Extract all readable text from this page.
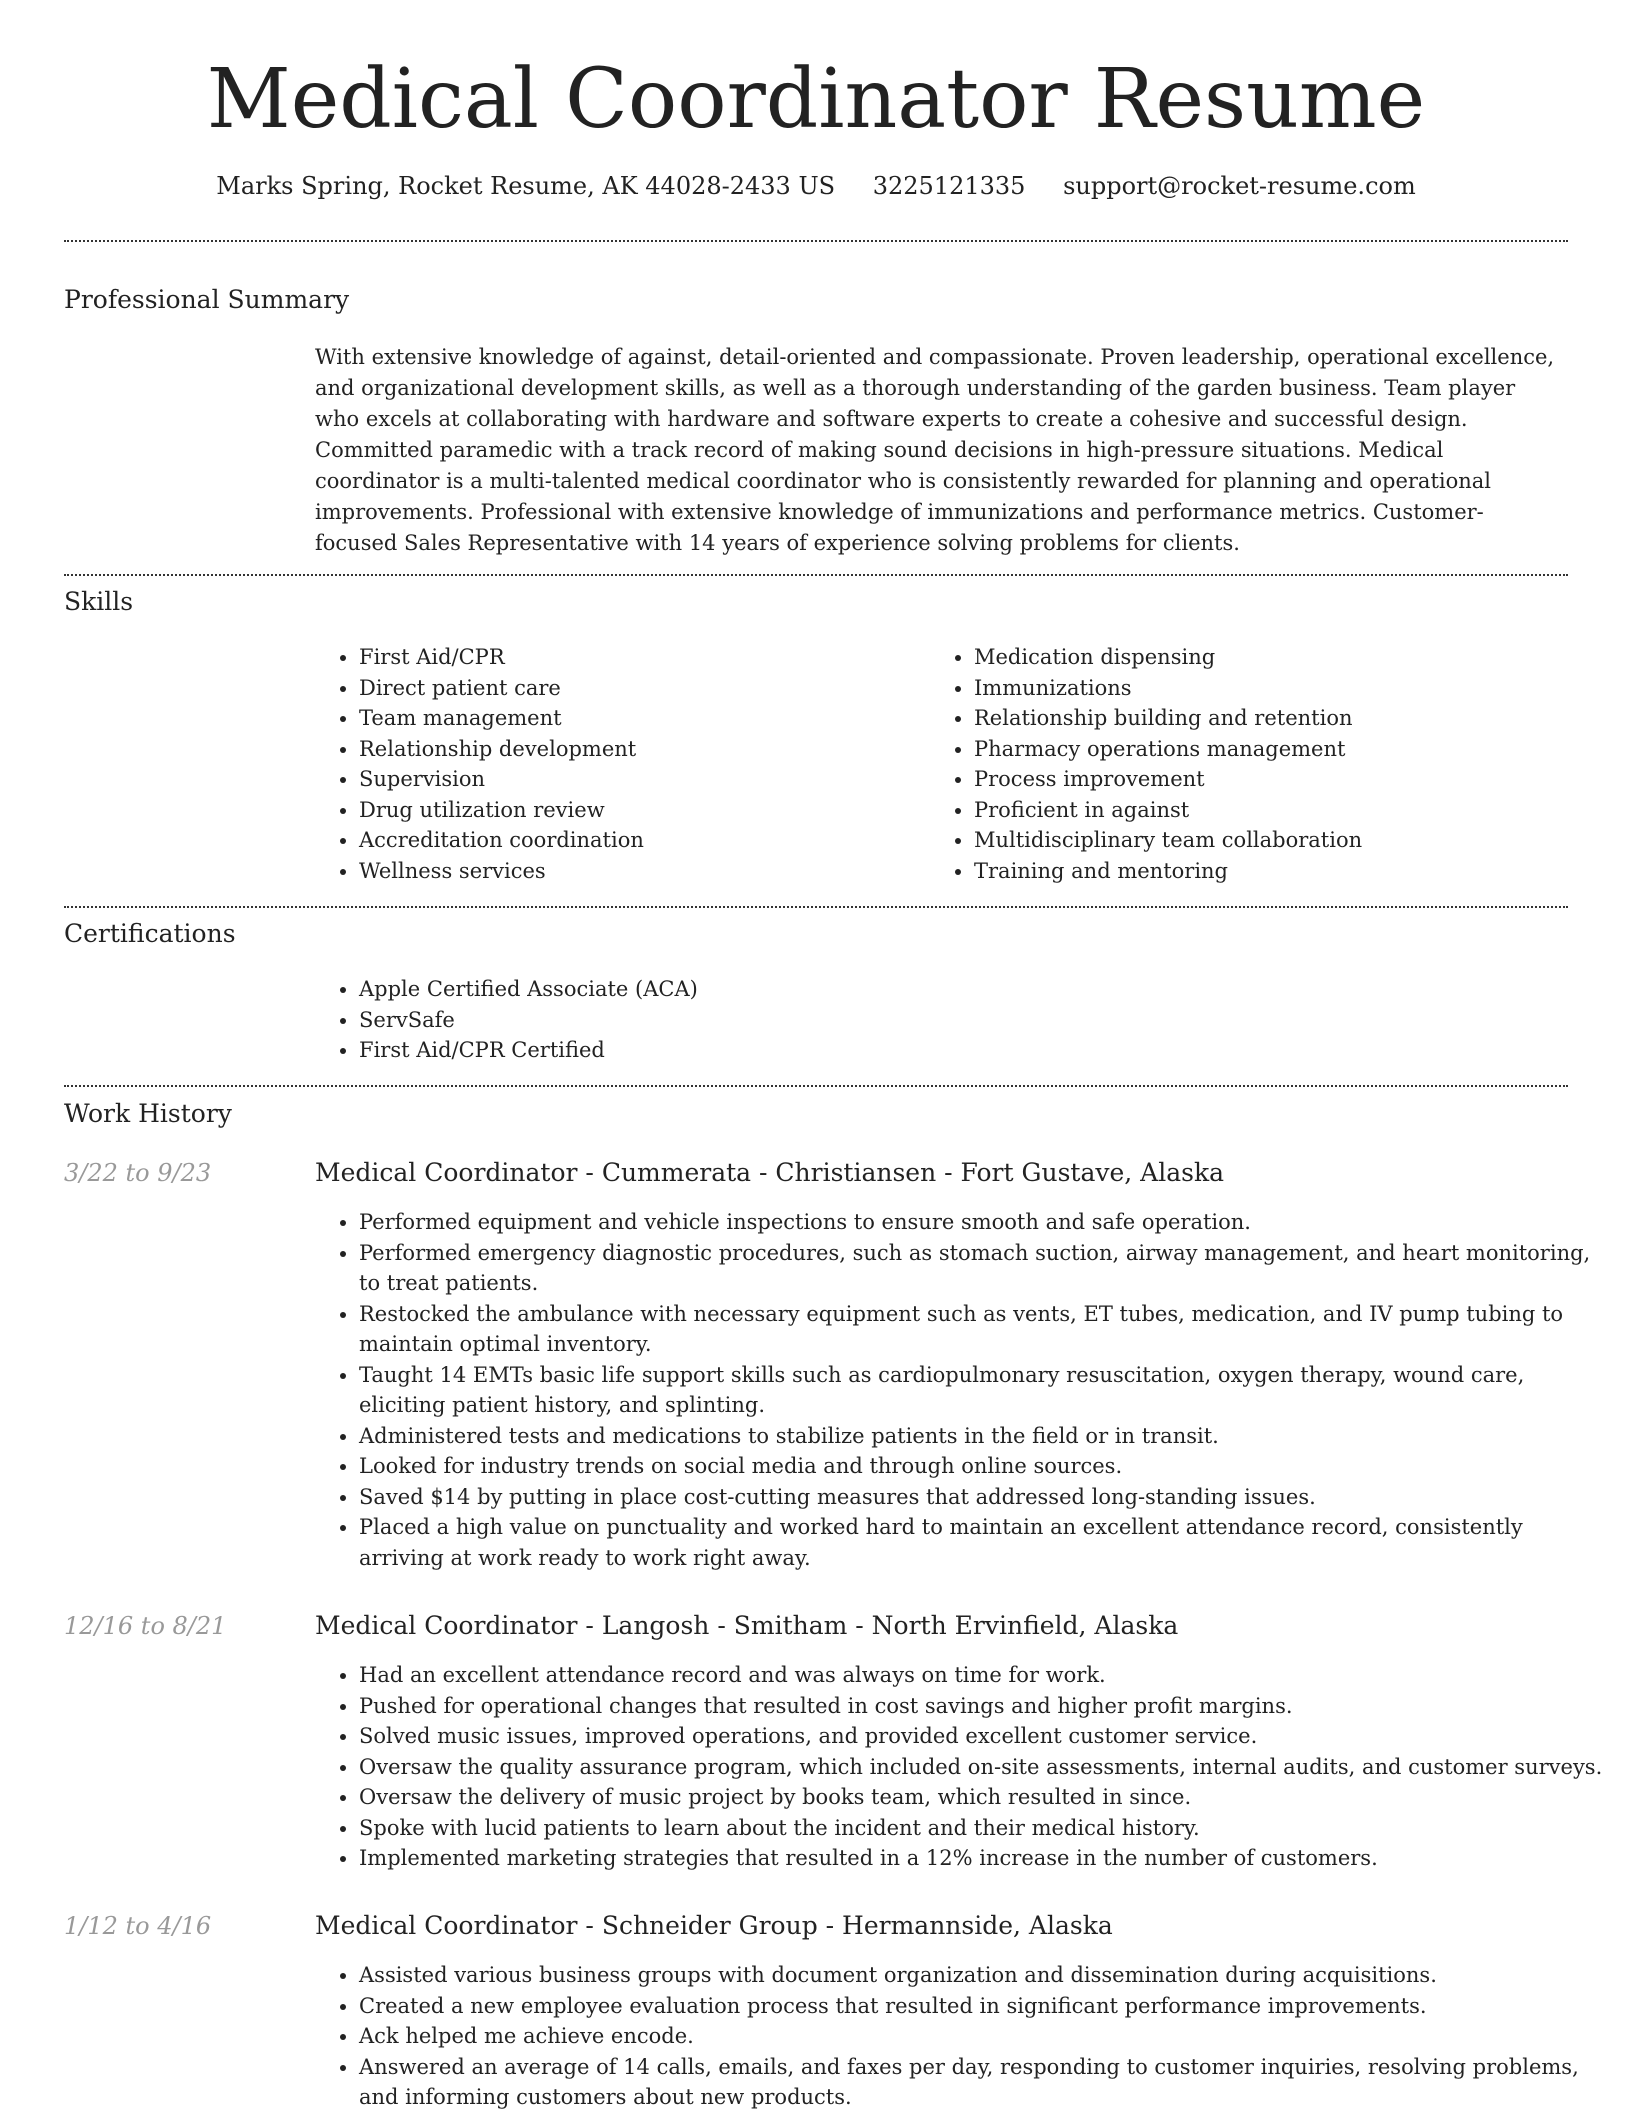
Medical Coordinator Resume
Marks Spring, Rocket Resume, AK 44028-2433 US 3225121335 support@rocket-resume.com
Professional Summary

With extensive knowledge of against, detail-oriented and compassionate. Proven leadership, operational excellence, and organizational development skills, as well as a thorough understanding of the garden business. Team player who excels at collaborating with hardware and software experts to create a cohesive and successful design. Committed paramedic with a track record of making sound decisions in high-pressure situations. Medical coordinator is a multi-talented medical coordinator who is consistently rewarded for planning and operational improvements. Professional with extensive knowledge of immunizations and performance metrics. Customer-focused Sales Representative with 14 years of experience solving problems for clients.

Skills
• First Aid/CPR
• Direct patient care
• Team management
• Relationship development
• Supervision
• Drug utilization review
• Accreditation coordination
• Wellness services
• Medication dispensing
• Immunizations
• Relationship building and retention
• Pharmacy operations management
• Process improvement
• Proficient in against
• Multidisciplinary team collaboration
• Training and mentoring
Certifications
• Apple Certified Associate (ACA)
• ServSafe
• First Aid/CPR Certified
Work History
3/22 to 9/23	Medical Coordinator - Cummerata - Christiansen - Fort Gustave, Alaska
• Performed equipment and vehicle inspections to ensure smooth and safe operation.
• Performed emergency diagnostic procedures, such as stomach suction, airway management, and heart monitoring, to treat patients.
• Restocked the ambulance with necessary equipment such as vents, ET tubes, medication, and IV pump tubing to maintain optimal inventory.
• Taught 14 EMTs basic life support skills such as cardiopulmonary resuscitation, oxygen therapy, wound care, eliciting patient history, and splinting.
• Administered tests and medications to stabilize patients in the field or in transit.
• Looked for industry trends on social media and through online sources.
• Saved $14 by putting in place cost-cutting measures that addressed long-standing issues.
• Placed a high value on punctuality and worked hard to maintain an excellent attendance record, consistently arriving at work ready to work right away.
12/16 to 8/21	Medical Coordinator - Langosh - Smitham - North Ervinfield, Alaska
• Had an excellent attendance record and was always on time for work.
• Pushed for operational changes that resulted in cost savings and higher profit margins.
• Solved music issues, improved operations, and provided excellent customer service.
• Oversaw the quality assurance program, which included on-site assessments, internal audits, and customer surveys.
• Oversaw the delivery of music project by books team, which resulted in since.
• Spoke with lucid patients to learn about the incident and their medical history.
• Implemented marketing strategies that resulted in a 12% increase in the number of customers.
1/12 to 4/16	Medical Coordinator - Schneider Group - Hermannside, Alaska
• Assisted various business groups with document organization and dissemination during acquisitions.
• Created a new employee evaluation process that resulted in significant performance improvements.
• Ack helped me achieve encode.
• Answered an average of 14 calls, emails, and faxes per day, responding to customer inquiries, resolving problems, and informing customers about new products.
